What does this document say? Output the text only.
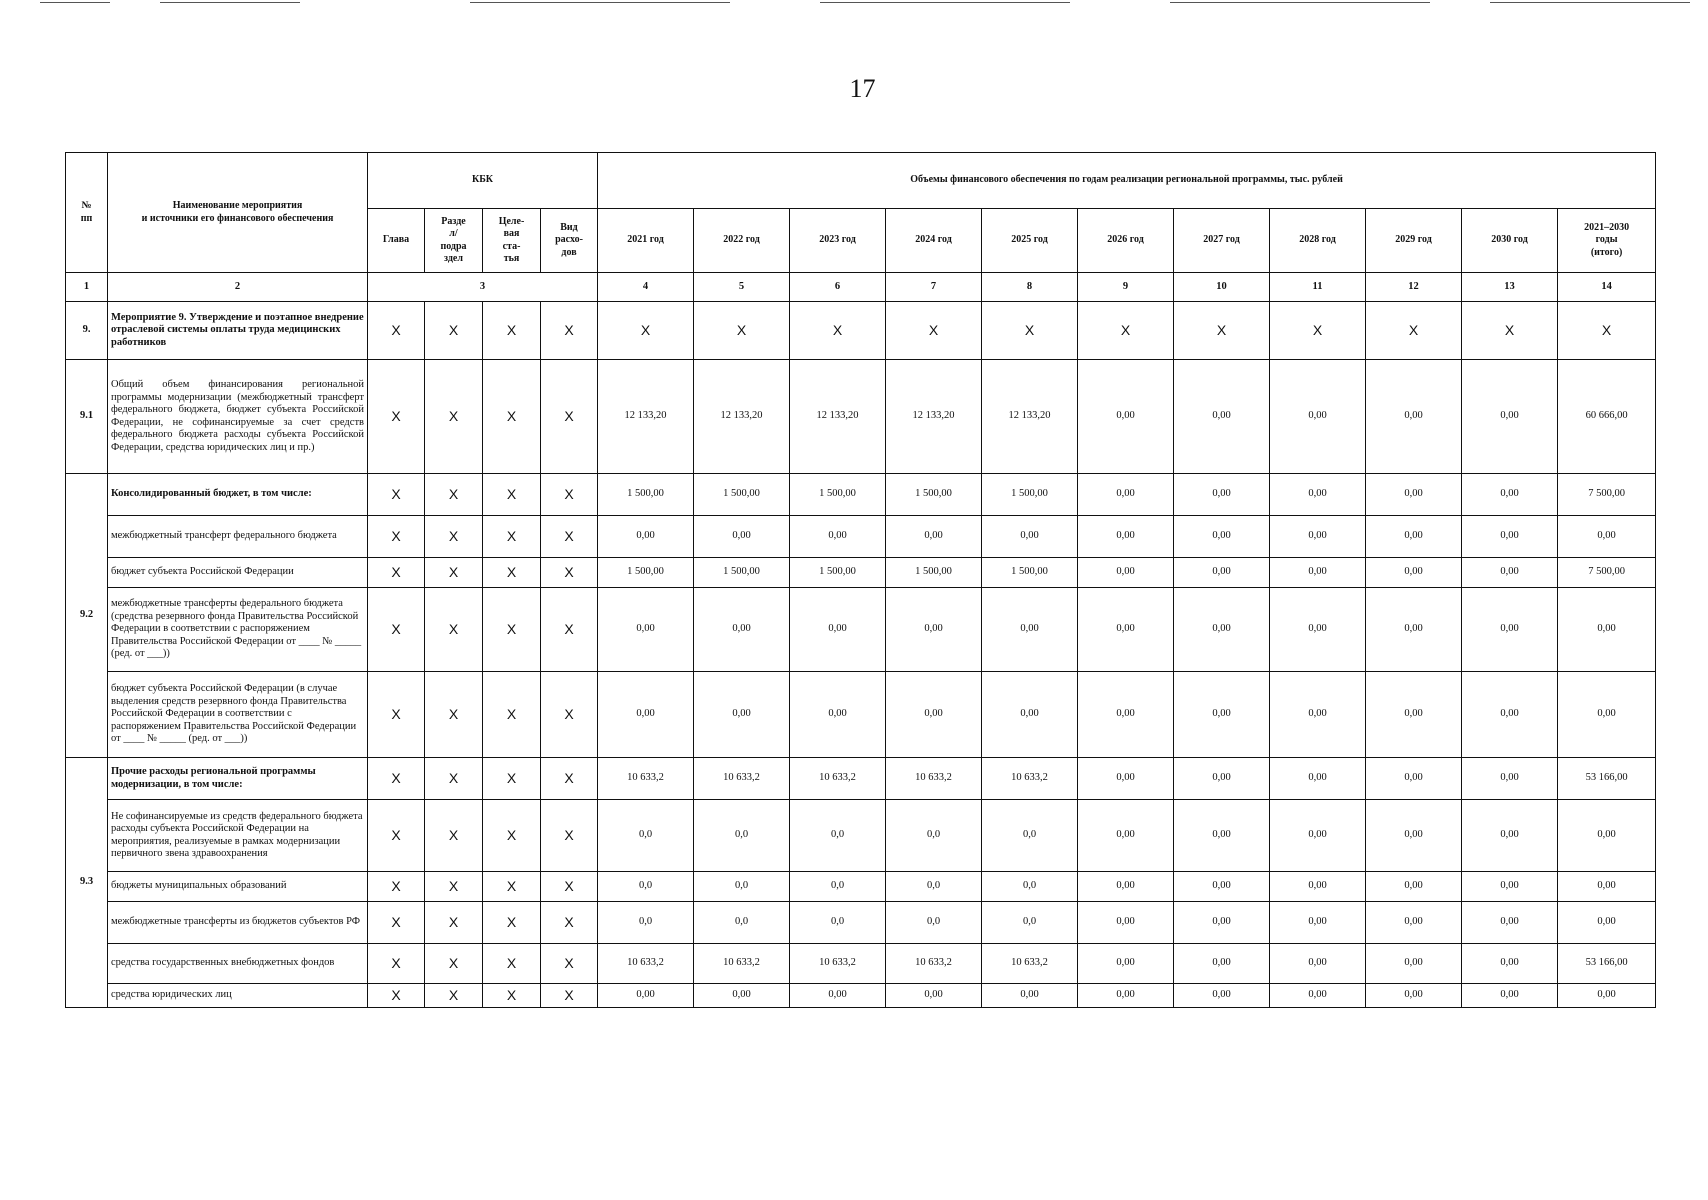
17
№
пп	Наименование мероприятия
и источники его финансового обеспечения	КБК				Объемы финансового обеспечения по годам реализации региональной программы, тыс. рублей										
		Глава	Разде
л/
подра
здел	Целе-
вая
ста-
тья	Вид
расхо-
дов	2021 год	2022 год	2023 год	2024 год	2025 год	2026 год	2027 год	2028 год	2029 год	2030 год	2021–2030
годы
(итого)
1	2	3				4	5	6	7	8	9	10	11	12	13	14
9.	Мероприятие 9. Утверждение и поэтапное внедрение отраслевой системы оплаты труда медицинских работников	X	X	X	X	X	X	X	X	X	X	X	X	X	X	X
9.1	Общий объем финансирования региональной программы модернизации (межбюджетный трансферт федерального бюджета, бюджет субъекта Российской Федерации, не софинансируемые за счет средств федерального бюджета расходы субъекта Российской Федерации, средства юридических лиц и пр.)	X	X	X	X	12 133,20	12 133,20	12 133,20	12 133,20	12 133,20	0,00	0,00	0,00	0,00	0,00	60 666,00
9.2	Консолидированный бюджет, в том числе:	X	X	X	X	1 500,00	1 500,00	1 500,00	1 500,00	1 500,00	0,00	0,00	0,00	0,00	0,00	7 500,00
	межбюджетный трансферт федерального бюджета	X	X	X	X	0,00	0,00	0,00	0,00	0,00	0,00	0,00	0,00	0,00	0,00	0,00
	бюджет субъекта Российской Федерации	X	X	X	X	1 500,00	1 500,00	1 500,00	1 500,00	1 500,00	0,00	0,00	0,00	0,00	0,00	7 500,00
	межбюджетные трансферты федерального бюджета (средства резервного фонда Правительства Российской Федерации в соответствии с распоряжением Правительства Российской Федерации от ____ № _____ (ред. от ___))	X	X	X	X	0,00	0,00	0,00	0,00	0,00	0,00	0,00	0,00	0,00	0,00	0,00
	бюджет субъекта Российской Федерации (в случае выделения средств резервного фонда Правительства Российской Федерации в соответствии с распоряжением Правительства Российской Федерации от ____ № _____ (ред. от ___))	X	X	X	X	0,00	0,00	0,00	0,00	0,00	0,00	0,00	0,00	0,00	0,00	0,00
9.3	Прочие расходы региональной программы модернизации, в том числе:	X	X	X	X	10 633,2	10 633,2	10 633,2	10 633,2	10 633,2	0,00	0,00	0,00	0,00	0,00	53 166,00
	Не софинансируемые из средств федерального бюджета расходы субъекта Российской Федерации на мероприятия, реализуемые в рамках модернизации первичного звена здравоохранения	X	X	X	X	0,0	0,0	0,0	0,0	0,0	0,00	0,00	0,00	0,00	0,00	0,00
	бюджеты муниципальных образований	X	X	X	X	0,0	0,0	0,0	0,0	0,0	0,00	0,00	0,00	0,00	0,00	0,00
	межбюджетные трансферты из бюджетов субъектов РФ	X	X	X	X	0,0	0,0	0,0	0,0	0,0	0,00	0,00	0,00	0,00	0,00	0,00
	средства государственных внебюджетных фондов	X	X	X	X	10 633,2	10 633,2	10 633,2	10 633,2	10 633,2	0,00	0,00	0,00	0,00	0,00	53 166,00
	средства юридических лиц	X	X	X	X	0,00	0,00	0,00	0,00	0,00	0,00	0,00	0,00	0,00	0,00	0,00
